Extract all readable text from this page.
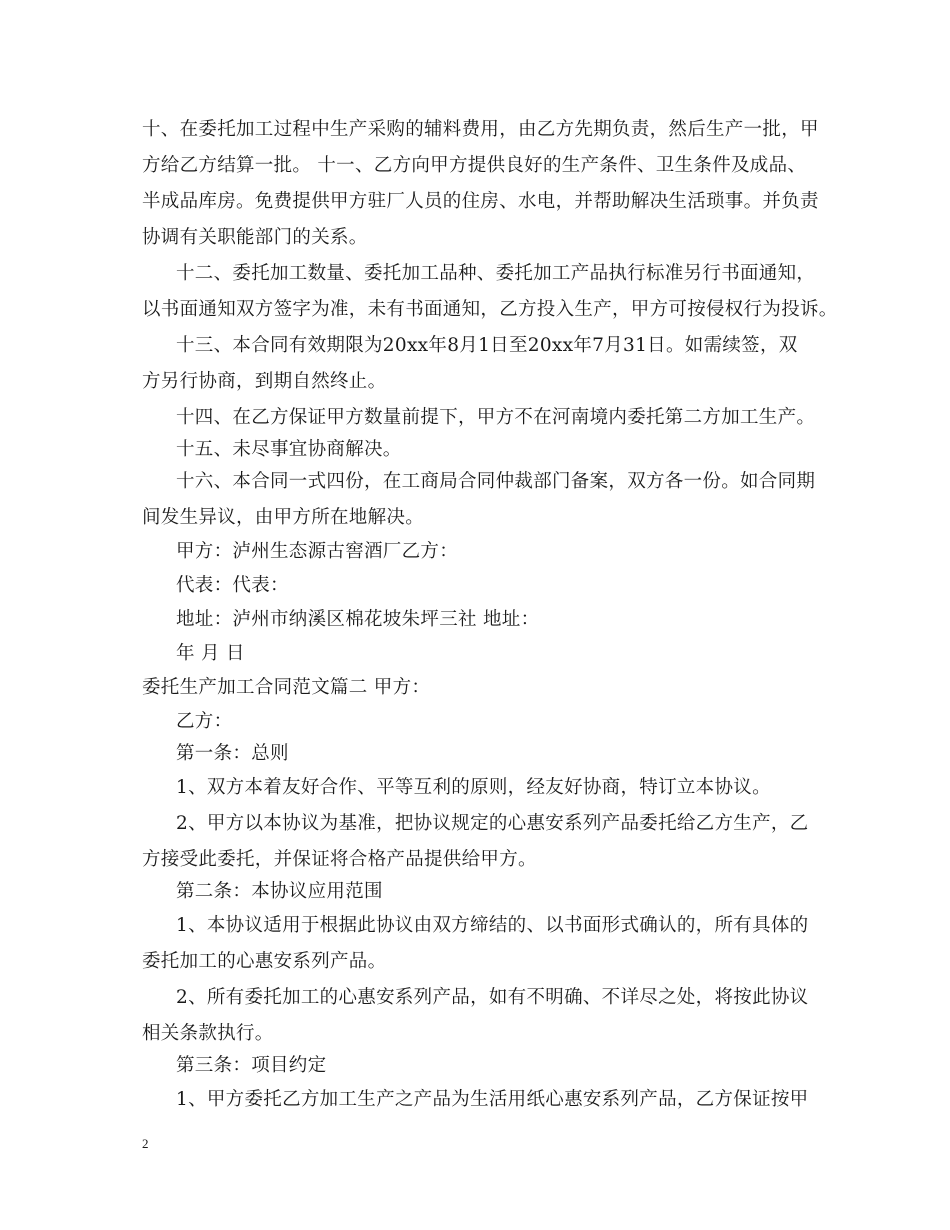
十、在委托加工过程中生产采购的辅料费用，由乙方先期负责，然后生产一批，甲
方给乙方结算一批。 十一、乙方向甲方提供良好的生产条件、卫生条件及成品、
半成品库房。免费提供甲方驻厂人员的住房、水电，并帮助解决生活琐事。并负责
协调有关职能部门的关系。
十二、委托加工数量、委托加工品种、委托加工产品执行标准另行书面通知，
以书面通知双方签字为准，未有书面通知，乙方投入生产，甲方可按侵权行为投诉。
十三、本合同有效期限为20xx年8月1日至20xx年7月31日。如需续签，双
方另行协商，到期自然终止。
十四、在乙方保证甲方数量前提下，甲方不在河南境内委托第二方加工生产。
十五、未尽事宜协商解决。
十六、本合同一式四份，在工商局合同仲裁部门备案，双方各一份。如合同期
间发生异议，由甲方所在地解决。
甲方：泸州生态源古窖酒厂乙方：
代表：代表：
地址：泸州市纳溪区棉花坡朱坪三社 地址：
年 月 日
委托生产加工合同范文篇二 甲方：
乙方：
第一条：总则
1、双方本着友好合作、平等互利的原则，经友好协商，特订立本协议。
2、甲方以本协议为基准，把协议规定的心惠安系列产品委托给乙方生产，乙
方接受此委托，并保证将合格产品提供给甲方。
第二条：本协议应用范围
1、本协议适用于根据此协议由双方缔结的、以书面形式确认的，所有具体的
委托加工的心惠安系列产品。
2、所有委托加工的心惠安系列产品，如有不明确、不详尽之处，将按此协议
相关条款执行。
第三条：项目约定
1、甲方委托乙方加工生产之产品为生活用纸心惠安系列产品，乙方保证按甲
2
